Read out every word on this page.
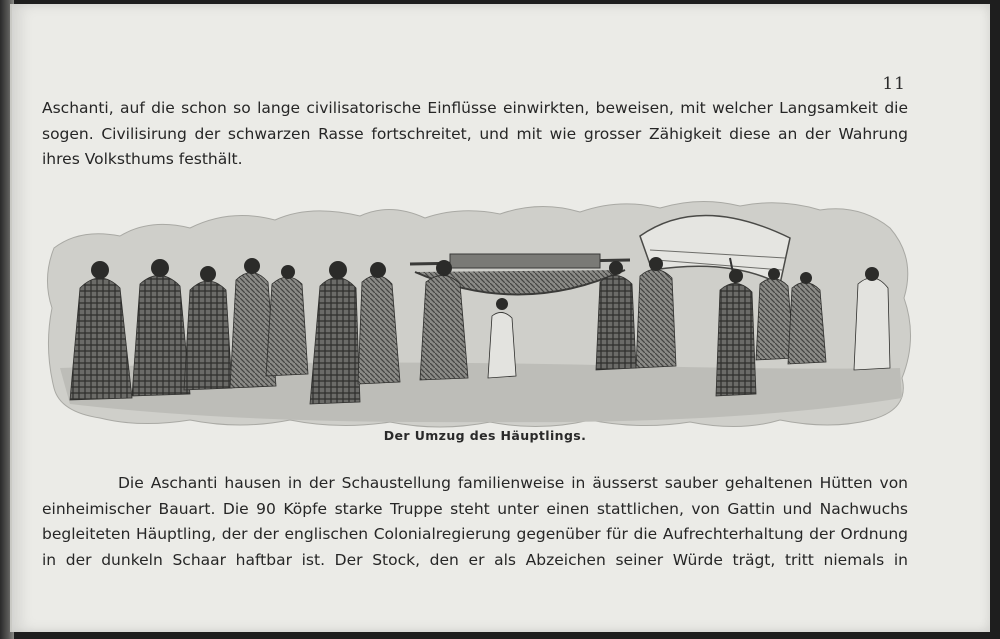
11
Aschanti, auf die schon so lange civilisatorische Einflüsse einwirkten, beweisen, mit welcher Langsamkeit die
sogen. Civilisirung der schwarzen Rasse fortschreitet, und mit wie grosser Zähigkeit diese an der Wahrung
ihres Volksthums festhält.
Der Umzug des Häuptlings.
Die Aschanti hausen in der Schaustellung familienweise in äusserst sauber gehaltenen Hütten von
einheimischer Bauart. Die 90 Köpfe starke Truppe steht unter einen stattlichen, von Gattin und Nachwuchs
begleiteten Häuptling, der der englischen Colonialregierung gegenüber für die Aufrechterhaltung der Ordnung
in der dunkeln Schaar haftbar ist. Der Stock, den er als Abzeichen seiner Würde trägt, tritt niemals in
